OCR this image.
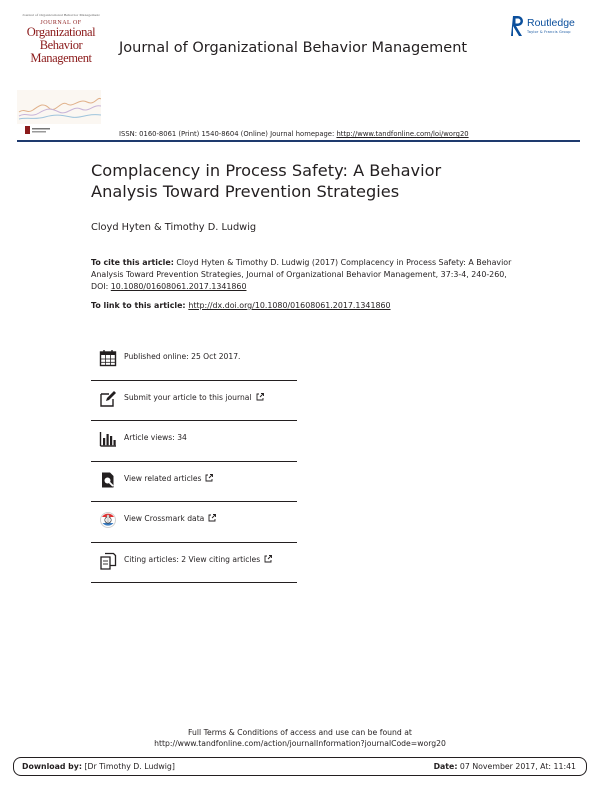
Journal of Organizational Behavior Management
JOURNAL OF
Organizational
Behavior
Management
Journal of Organizational Behavior Management
Routledge
Taylor & Francis Group
ISSN: 0160-8061 (Print) 1540-8604 (Online) Journal homepage: http://www.tandfonline.com/loi/worg20
Complacency in Process Safety: A Behavior Analysis Toward Prevention Strategies
Cloyd Hyten & Timothy D. Ludwig
To cite this article: Cloyd Hyten & Timothy D. Ludwig (2017) Complacency in Process Safety: A Behavior Analysis Toward Prevention Strategies, Journal of Organizational Behavior Management, 37:3-4, 240-260, DOI: 10.1080/01608061.2017.1341860
To link to this article: http://dx.doi.org/10.1080/01608061.2017.1341860
Published online: 25 Oct 2017.
Submit your article to this journal
Article views: 34
View related articles
View Crossmark data
Citing articles: 2 View citing articles
Full Terms & Conditions of access and use can be found at
http://www.tandfonline.com/action/journalInformation?journalCode=worg20
Download by: [Dr Timothy D. Ludwig]	Date: 07 November 2017, At: 11:41
